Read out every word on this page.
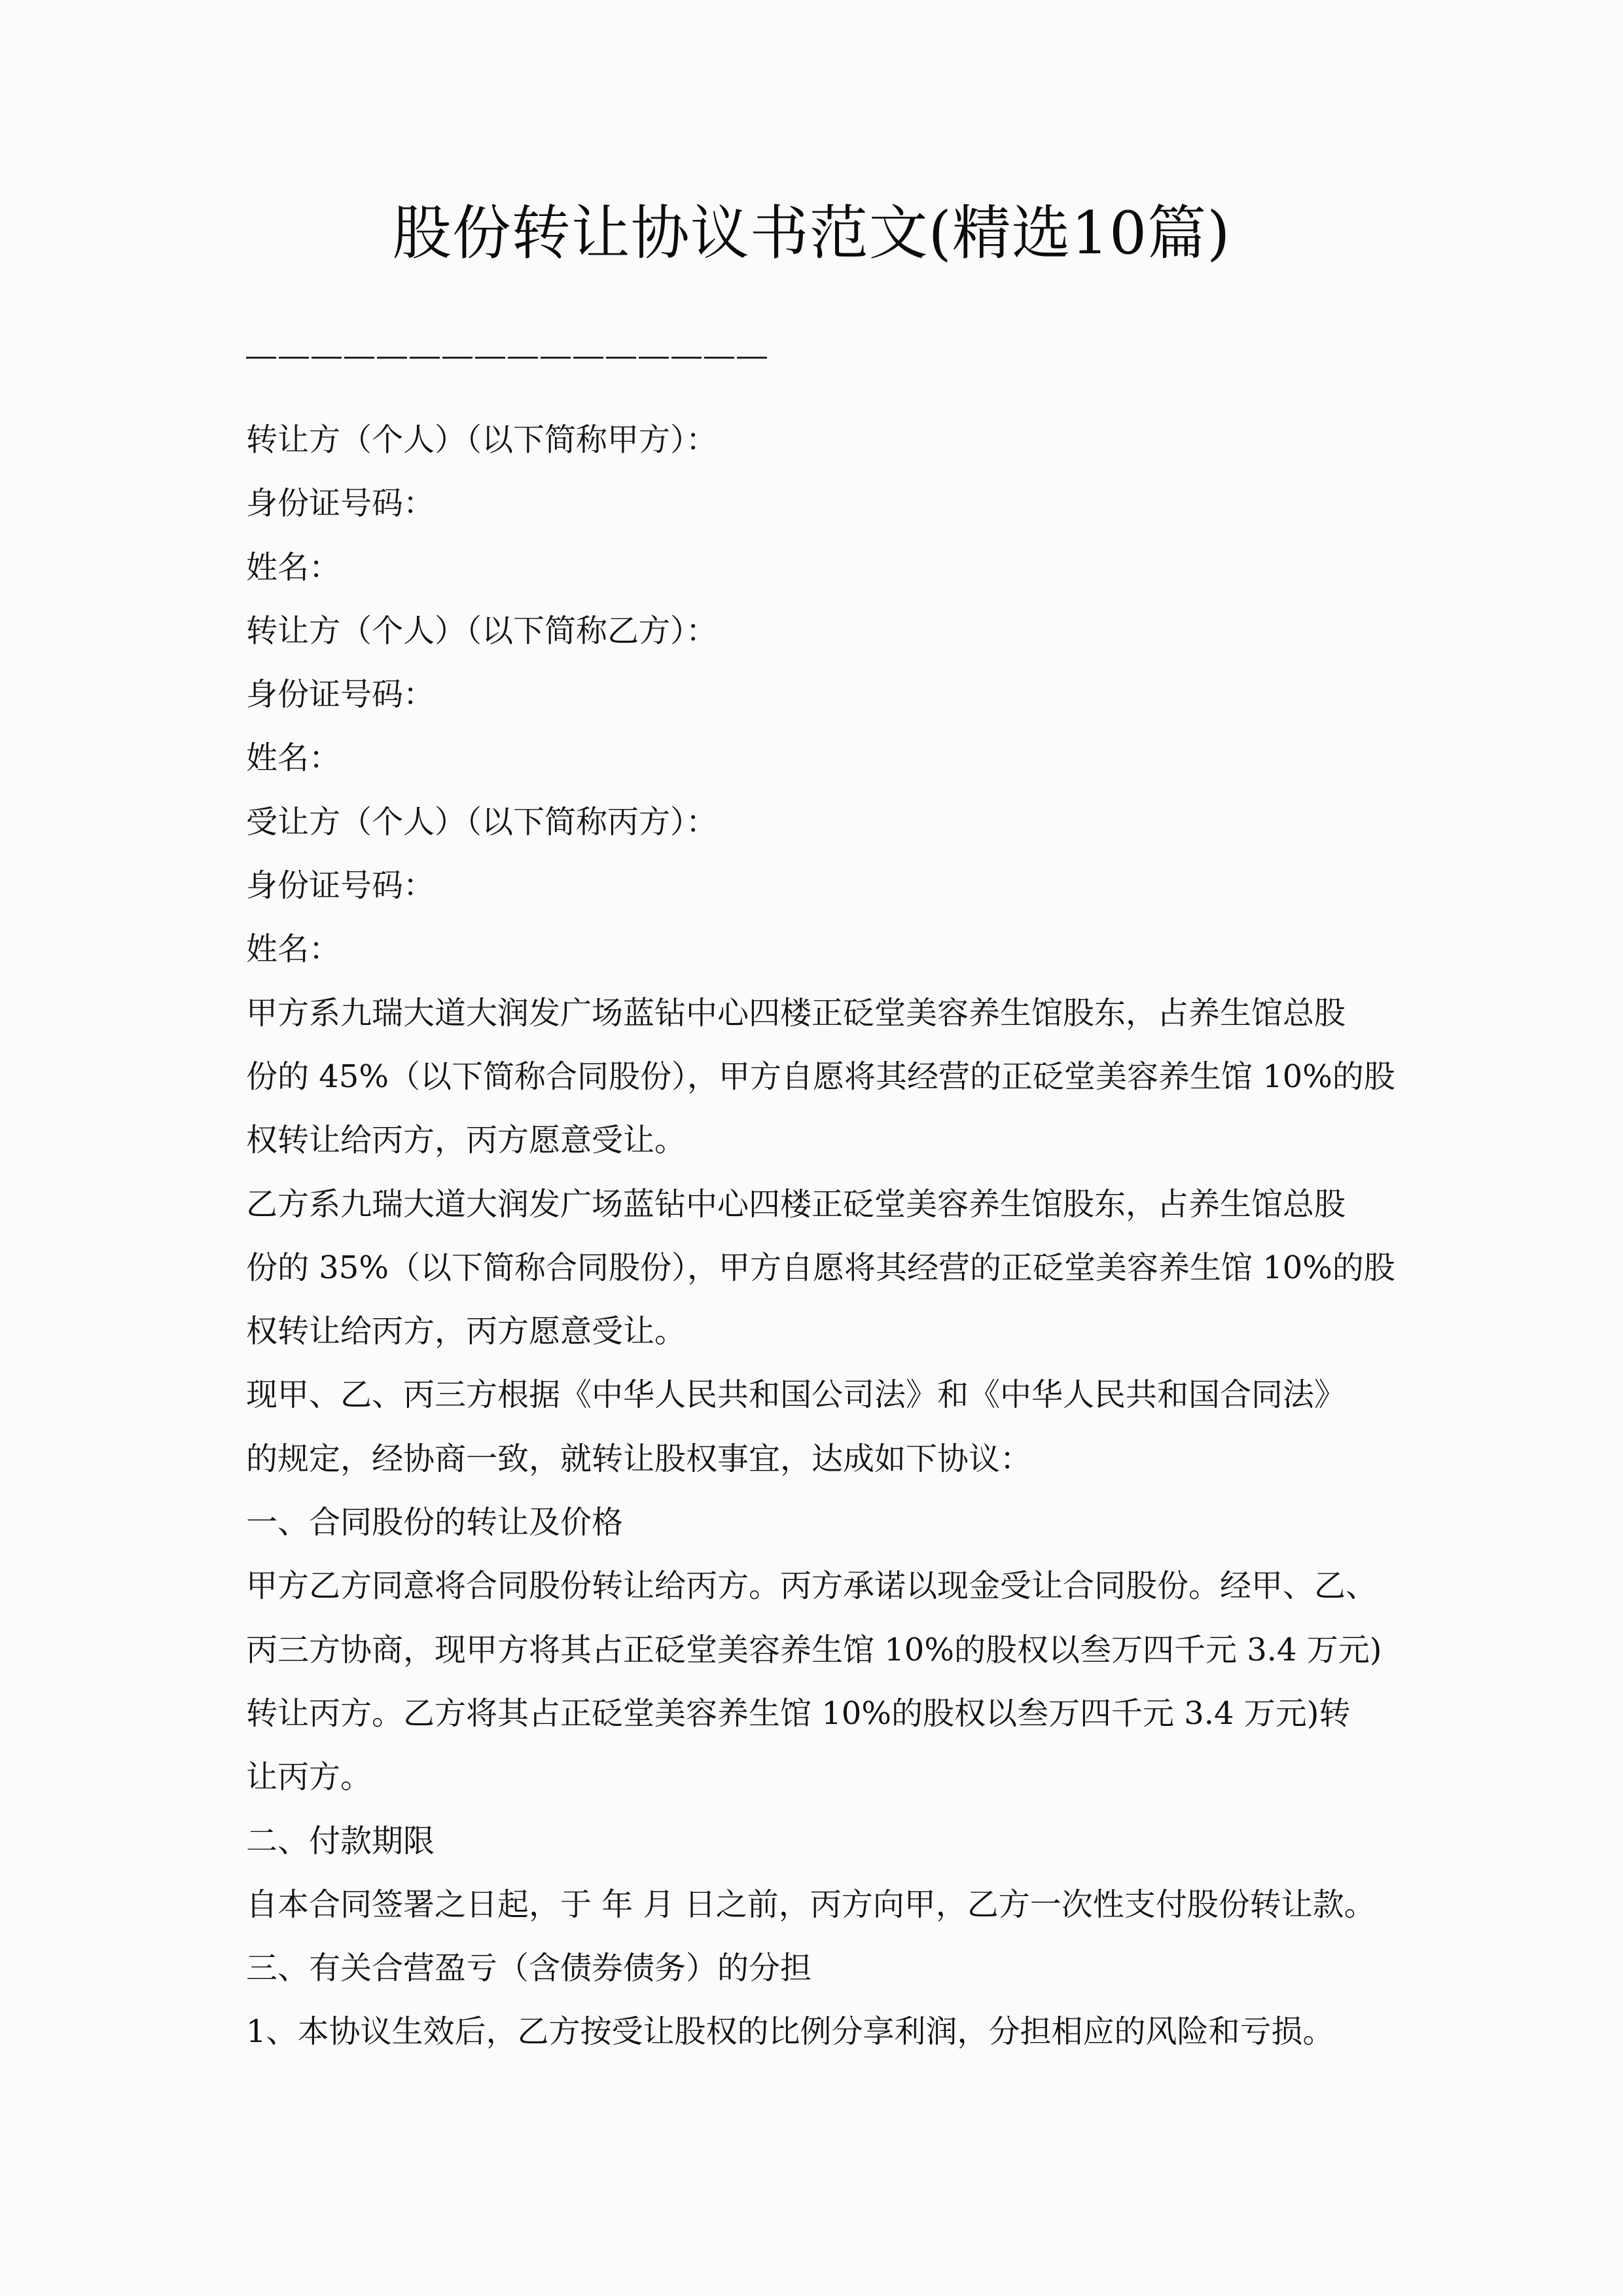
股份转让协议书范文(精选10篇)
转让方（个人）（以下简称甲方）：
身份证号码：
姓名：
转让方（个人）（以下简称乙方）：
身份证号码：
姓名：
受让方（个人）（以下简称丙方）：
身份证号码：
姓名：
甲方系九瑞大道大润发广场蓝钻中心四楼正砭堂美容养生馆股东，占养生馆总股
份的 45%（以下简称合同股份），甲方自愿将其经营的正砭堂美容养生馆 10%的股
权转让给丙方，丙方愿意受让。
乙方系九瑞大道大润发广场蓝钻中心四楼正砭堂美容养生馆股东，占养生馆总股
份的 35%（以下简称合同股份），甲方自愿将其经营的正砭堂美容养生馆 10%的股
权转让给丙方，丙方愿意受让。
现甲、乙、丙三方根据《中华人民共和国公司法》和《中华人民共和国合同法》
的规定，经协商一致，就转让股权事宜，达成如下协议：
一、合同股份的转让及价格
甲方乙方同意将合同股份转让给丙方。丙方承诺以现金受让合同股份。经甲、乙、
丙三方协商，现甲方将其占正砭堂美容养生馆 10%的股权以叁万四千元 3.4 万元)
转让丙方。乙方将其占正砭堂美容养生馆 10%的股权以叁万四千元 3.4 万元)转
让丙方。
二、付款期限
自本合同签署之日起，于 年 月 日之前，丙方向甲，乙方一次性支付股份转让款。
三、有关合营盈亏（含债券债务）的分担
1、本协议生效后，乙方按受让股权的比例分享利润，分担相应的风险和亏损。
